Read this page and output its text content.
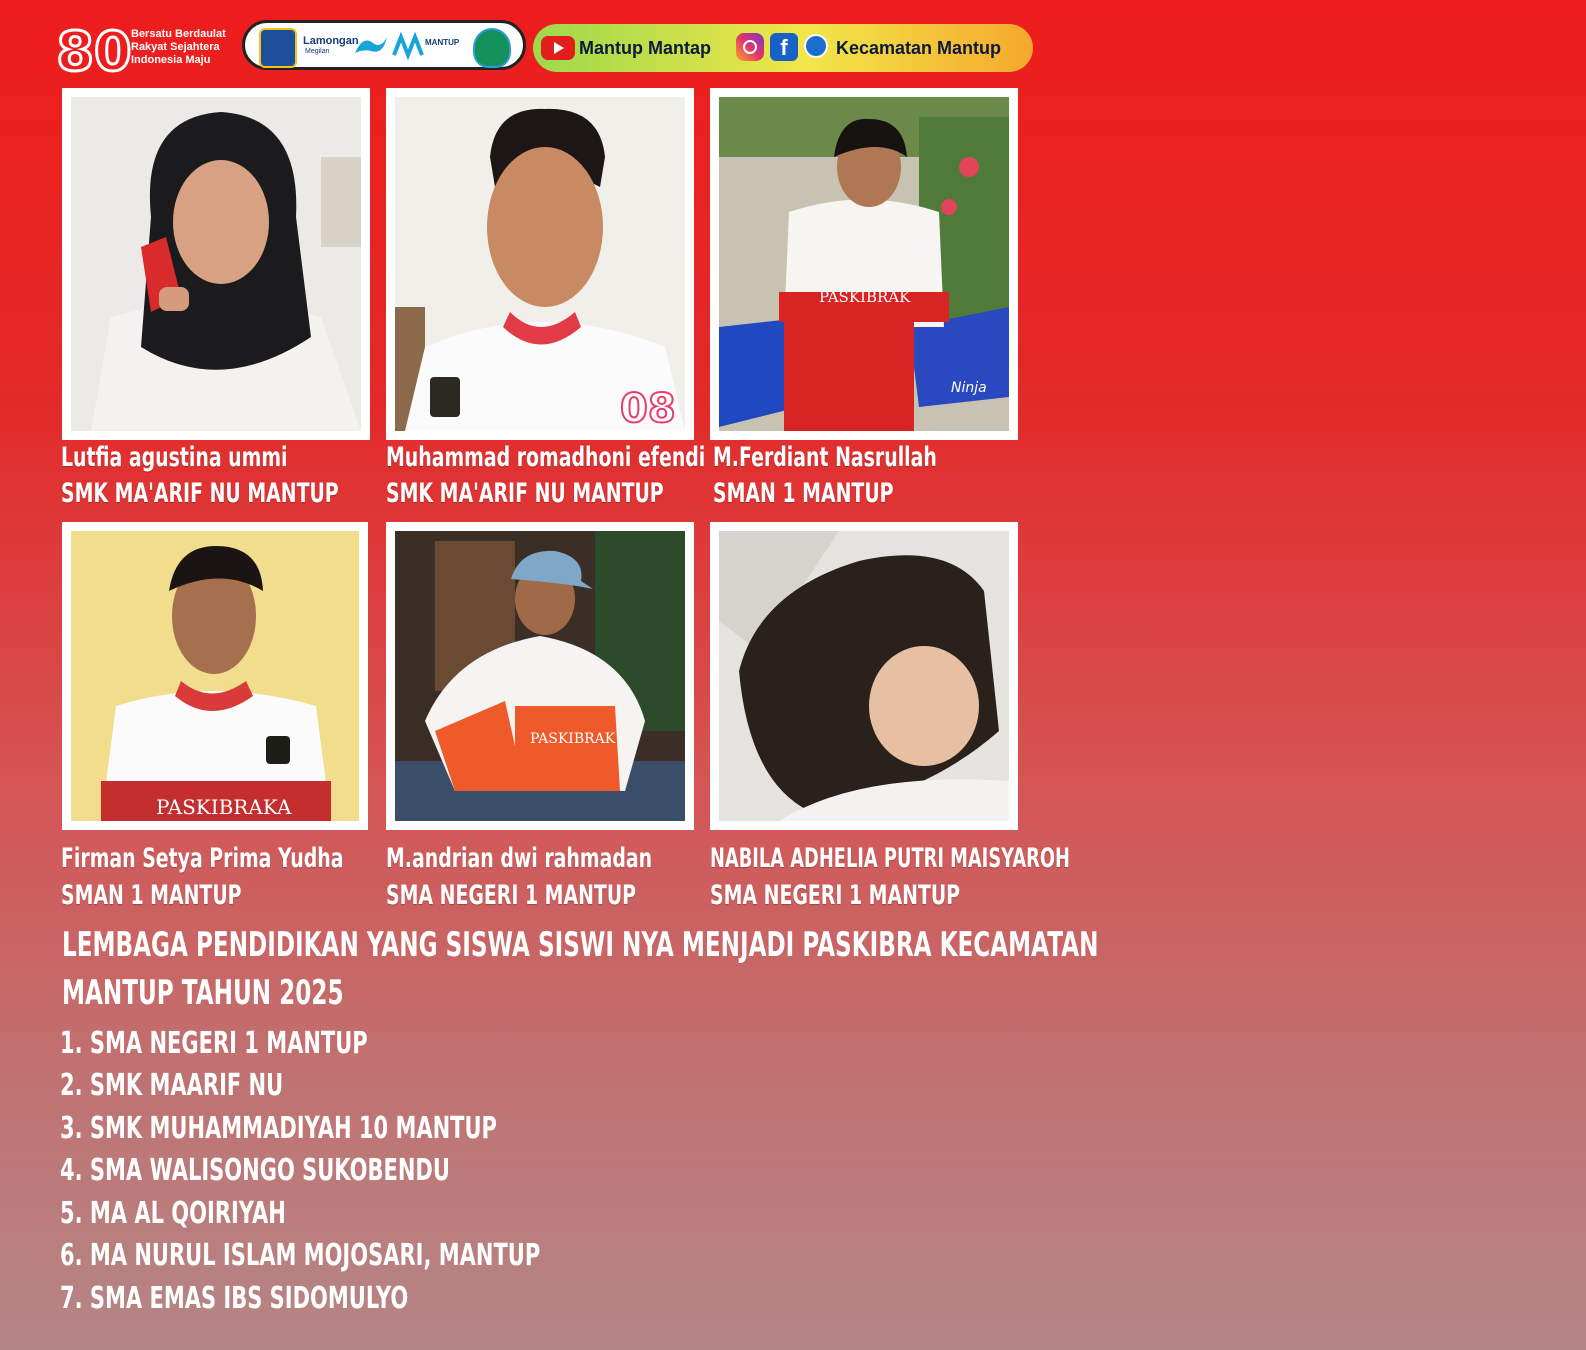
80 Bersatu Berdaulat
Rakyat Sejahtera
Indonesia Maju
Lamongan
Megilan
MANTUP	Mantup Mantap	Kecamatan Mantup
f
08	Ninja
PASKIBRAK
Lutfia agustina ummi
SMK MA'ARIF NU MANTUP
Muhammad romadhoni efendi
SMK MA'ARIF NU MANTUP
M.Ferdiant Nasrullah
SMAN 1 MANTUP
PASKIBRAKA
PASKIBRAK
Firman Setya Prima Yudha
SMAN 1 MANTUP
M.andrian dwi rahmadan
SMA NEGERI 1 MANTUP
NABILA ADHELIA PUTRI MAISYAROH
SMA NEGERI 1 MANTUP
LEMBAGA PENDIDIKAN YANG SISWA SISWI NYA MENJADI PASKIBRA KECAMATAN
MANTUP TAHUN 2025
1. SMA NEGERI 1 MANTUP
2. SMK MAARIF NU
3. SMK MUHAMMADIYAH 10 MANTUP
4. SMA WALISONGO SUKOBENDU
5. MA AL QOIRIYAH
6. MA NURUL ISLAM MOJOSARI, MANTUP
7. SMA EMAS IBS SIDOMULYO
